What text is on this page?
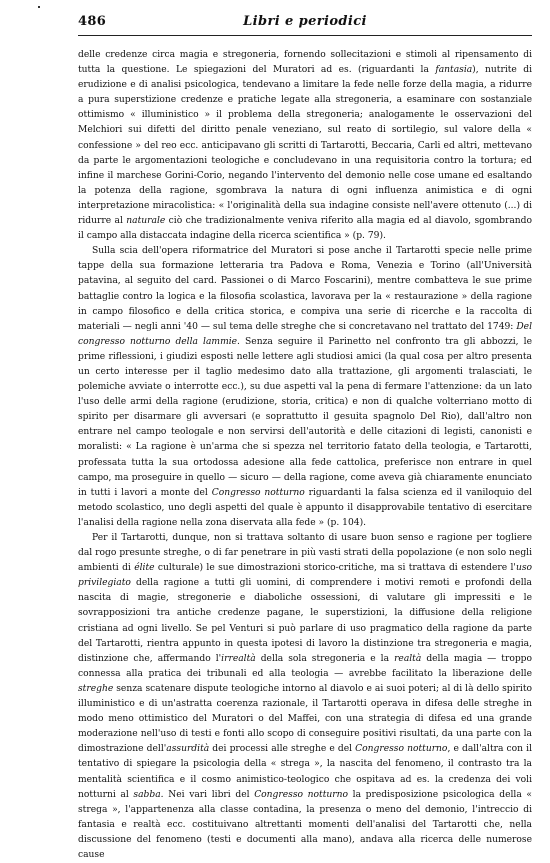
486	Libri e periodici

delle credenze circa magia e stregoneria, fornendo sollecitazioni e stimoli al ripensamento di tutta la questione. Le spiegazioni del Muratori ad es. (riguardanti la fantasia), nutrite di erudizione e di analisi psicologica, tendevano a limitare la fede nelle forze della magia, a ridurre a pura superstizione credenze e pratiche legate alla stregoneria, a esaminare con sostanziale ottimismo « illuministico » il problema della stregoneria; analogamente le osservazioni del Melchiori sui difetti del diritto penale veneziano, sul reato di sortilegio, sul valore della « confessione » del reo ecc. anticipavano gli scritti di Tartarotti, Beccaria, Carli ed altri, mettevano da parte le argomentazioni teologiche e concludevano in una requisitoria contro la tortura; ed infine il marchese Gorini-Corio, negando l'intervento del demonio nelle cose umane ed esaltando la potenza della ragione, sgombrava la natura di ogni influenza animistica e di ogni interpretazione miracolistica: « l'originalità della sua indagine consiste nell'avere ottenuto (...) di ridurre al naturale ciò che tradizionalmente veniva riferito alla magia ed al diavolo, sgombrando il campo alla distaccata indagine della ricerca scientifica » (p. 79).

Sulla scia dell'opera riformatrice del Muratori si pose anche il Tartarotti specie nelle prime tappe della sua formazione letteraria tra Padova e Roma, Venezia e Torino (all'Università patavina, al seguito del card. Passionei o di Marco Foscarini), mentre combatteva le sue prime battaglie contro la logica e la filosofia scolastica, lavorava per la « restaurazione » della ragione in campo filosofico e della critica storica, e compiva una serie di ricerche e la raccolta di materiali — negli anni '40 — sul tema delle streghe che si concretavano nel trattato del 1749: Del congresso notturno della lammie. Senza seguire il Parinetto nel confronto tra gli abbozzi, le prime riflessioni, i giudizi esposti nelle lettere agli studiosi amici (la qual cosa per altro presenta un certo interesse per il taglio medesimo dato alla trattazione, gli argomenti tralasciati, le polemiche avviate o interrotte ecc.), su due aspetti val la pena di fermare l'attenzione: da un lato l'uso delle armi della ragione (erudizione, storia, critica) e non di qualche volterriano motto di spirito per disarmare gli avversari (e soprattutto il gesuita spagnolo Del Rio), dall'altro non entrare nel campo teologale e non servirsi dell'autorità e delle citazioni di legisti, canonisti e moralisti: « La ragione è un'arma che si spezza nel territorio fatato della teologia, e Tartarotti, professata tutta la sua ortodossa adesione alla fede cattolica, preferisce non entrare in quel campo, ma proseguire in quello — sicuro — della ragione, come aveva già chiaramente enunciato in tutti i lavori a monte del Congresso notturno riguardanti la falsa scienza ed il vaniloquio del metodo scolastico, uno degli aspetti del quale è appunto il disapprovabile tentativo di esercitare l'analisi della ragione nella zona diservata alla fede » (p. 104).

Per il Tartarotti, dunque, non si trattava soltanto di usare buon senso e ragione per togliere dal rogo presunte streghe, o di far penetrare in più vasti strati della popolazione (e non solo negli ambienti di élite culturale) le sue dimostrazioni storico-critiche, ma si trattava di estendere l'uso privilegiato della ragione a tutti gli uomini, di comprendere i motivi remoti e profondi della nascita di magie, stregonerie e diaboliche ossessioni, di valutare gli impressiti e le sovrapposizioni tra antiche credenze pagane, le superstizioni, la diffusione della religione cristiana ad ogni livello. Se pel Venturi si può parlare di uso pragmatico della ragione da parte del Tartarotti, rientra appunto in questa ipotesi di lavoro la distinzione tra stregoneria e magia, distinzione che, affermando l'irrealtà della sola stregoneria e la realtà della magia — troppo connessa alla pratica dei tribunali ed alla teologia — avrebbe facilitato la liberazione delle streghe senza scatenare dispute teologiche intorno al diavolo e ai suoi poteri; al di là dello spirito illuministico e di un'astratta coerenza razionale, il Tartarotti operava in difesa delle streghe in modo meno ottimistico del Muratori o del Maffei, con una strategia di difesa ed una grande moderazione nell'uso di testi e fonti allo scopo di conseguire positivi risultati, da una parte con la dimostrazione dell'assurdità dei processi alle streghe e del Congresso notturno, e dall'altra con il tentativo di spiegare la psicologia della « strega », la nascita del fenomeno, il contrasto tra la mentalità scientifica e il cosmo animistico-teologico che ospitava ad es. la credenza dei voli notturni al sabba. Nei vari libri del Congresso notturno la predisposizione psicologica della « strega », l'appartenenza alla classe contadina, la presenza o meno del demonio, l'intreccio di fantasia e realtà ecc. costituivano altrettanti momenti dell'analisi del Tartarotti che, nella discussione del fenomeno (testi e documenti alla mano), andava alla ricerca delle numerose cause
